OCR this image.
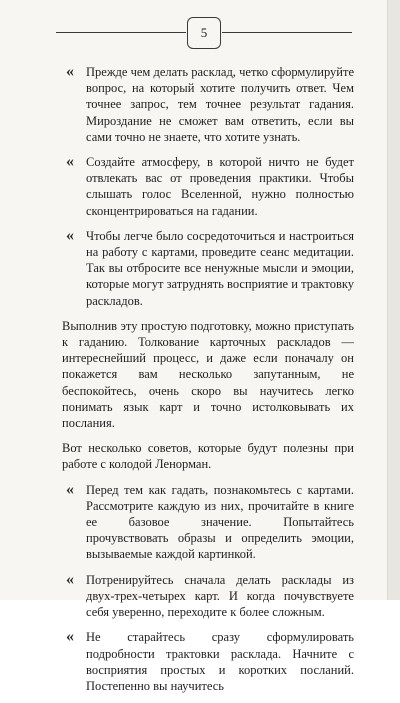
5
« Прежде чем делать расклад, четко сформулируйте вопрос, на который хотите получить ответ. Чем точнее запрос, тем точнее результат гадания. Мироздание не сможет вам ответить, если вы сами точно не знаете, что хотите узнать.
« Создайте атмосферу, в которой ничто не будет отвлекать вас от проведения практики. Чтобы слышать голос Вселенной, нужно полностью сконцентрироваться на гадании.
« Чтобы легче было сосредоточиться и настроиться на работу с картами, проведите сеанс медитации. Так вы отбросите все ненужные мысли и эмоции, которые могут затруднять восприятие и трактовку раскладов.
Выполнив эту простую подготовку, можно приступать к гаданию. Толкование карточных раскладов — интереснейший процесс, и даже если поначалу он покажется вам несколько запутанным, не беспокойтесь, очень скоро вы научитесь легко понимать язык карт и точно истолковывать их послания.
Вот несколько советов, которые будут полезны при работе с колодой Ленорман.
« Перед тем как гадать, познакомьтесь с картами. Рассмотрите каждую из них, прочитайте в книге ее базовое значение. Попытайтесь прочувствовать образы и определить эмоции, вызываемые каждой картинкой.
« Потренируйтесь сначала делать расклады из двух-трех-четырех карт. И когда почувствуете себя уверенно, переходите к более сложным.
« Не старайтесь сразу сформулировать подробности трактовки расклада. Начните с восприятия простых и коротких посланий. Постепенно вы научитесь
